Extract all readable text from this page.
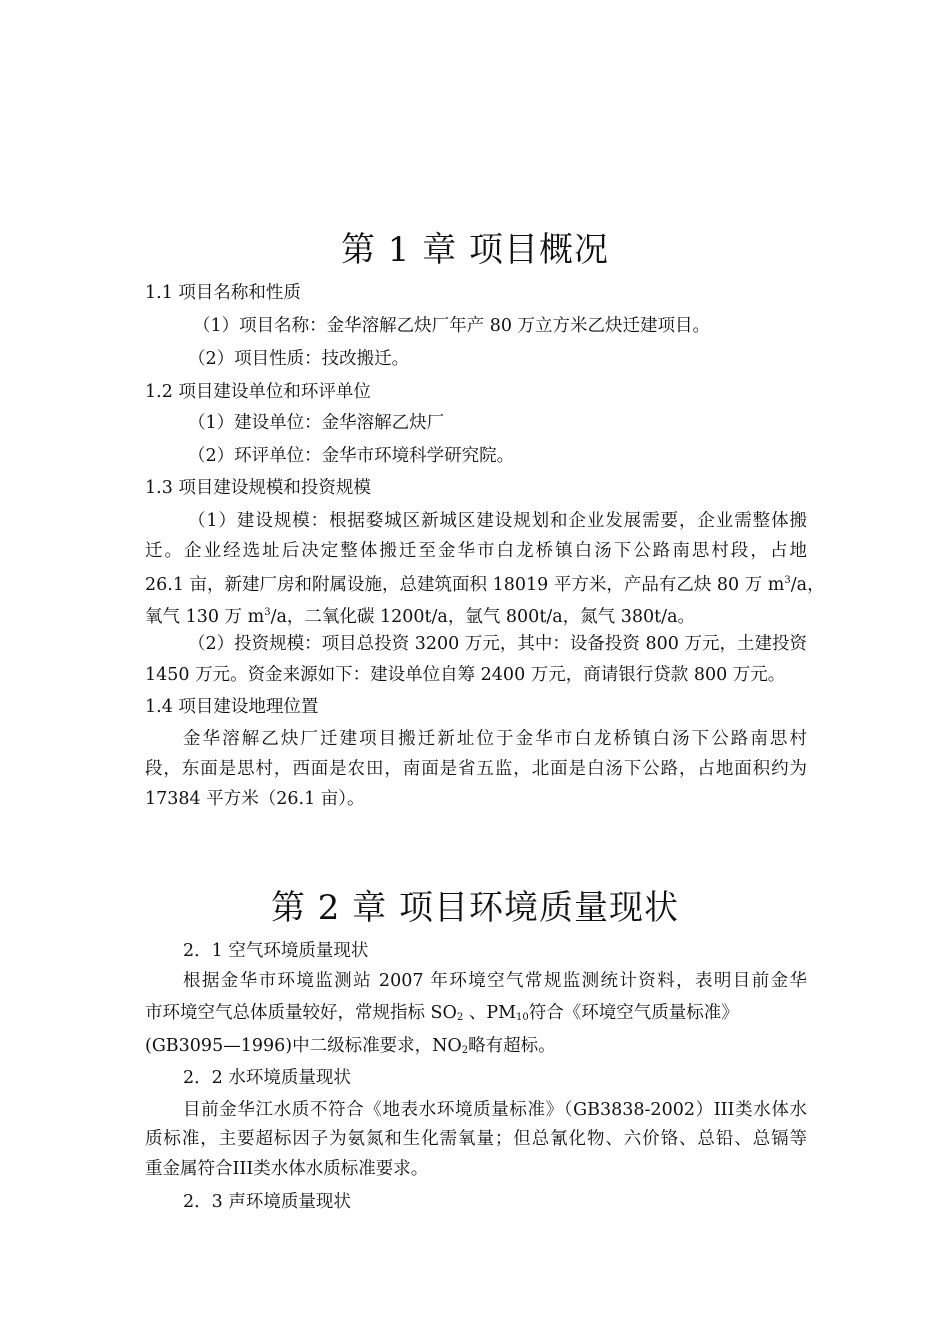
第 1 章 项目概况

1.1 项目名称和性质

（1）项目名称：金华溶解乙炔厂年产 80 万立方米乙炔迁建项目。

（2）项目性质：技改搬迁。

1.2 项目建设单位和环评单位

（1）建设单位：金华溶解乙炔厂

（2）环评单位：金华市环境科学研究院。

1.3 项目建设规模和投资规模

（1）建设规模：根据婺城区新城区建设规划和企业发展需要，企业需整体搬

迁。企业经选址后决定整体搬迁至金华市白龙桥镇白汤下公路南思村段，占地

26.1 亩，新建厂房和附属设施，总建筑面积 18019 平方米，产品有乙炔 80 万 $m^3/a$，

氧气 130 万 $m^3/a$，二氧化碳 1200t/a，氩气 800t/a，氮气 380t/a。

（2）投资规模：项目总投资 3200 万元，其中：设备投资 800 万元，土建投资

1450 万元。资金来源如下：建设单位自筹 2400 万元，商请银行贷款 800 万元。

1.4 项目建设地理位置

金华溶解乙炔厂迁建项目搬迁新址位于金华市白龙桥镇白汤下公路南思村

段，东面是思村，西面是农田，南面是省五监，北面是白汤下公路，占地面积约为

17384 平方米（26.1 亩）。

第 2 章 项目环境质量现状

2．1 空气环境质量现状

根据金华市环境监测站 2007 年环境空气常规监测统计资料，表明目前金华

市环境空气总体质量较好，常规指标 $SO_2$ 、$PM_{10}$符合《环境空气质量标准》

(GB3095—1996)中二级标准要求，$NO_2$略有超标。

2．2 水环境质量现状

目前金华江水质不符合《地表水环境质量标准》（GB3838-2002）III类水体水

质标准，主要超标因子为氨氮和生化需氧量；但总氰化物、六价铬、总铅、总镉等

重金属符合III类水体水质标准要求。

2．3 声环境质量现状
